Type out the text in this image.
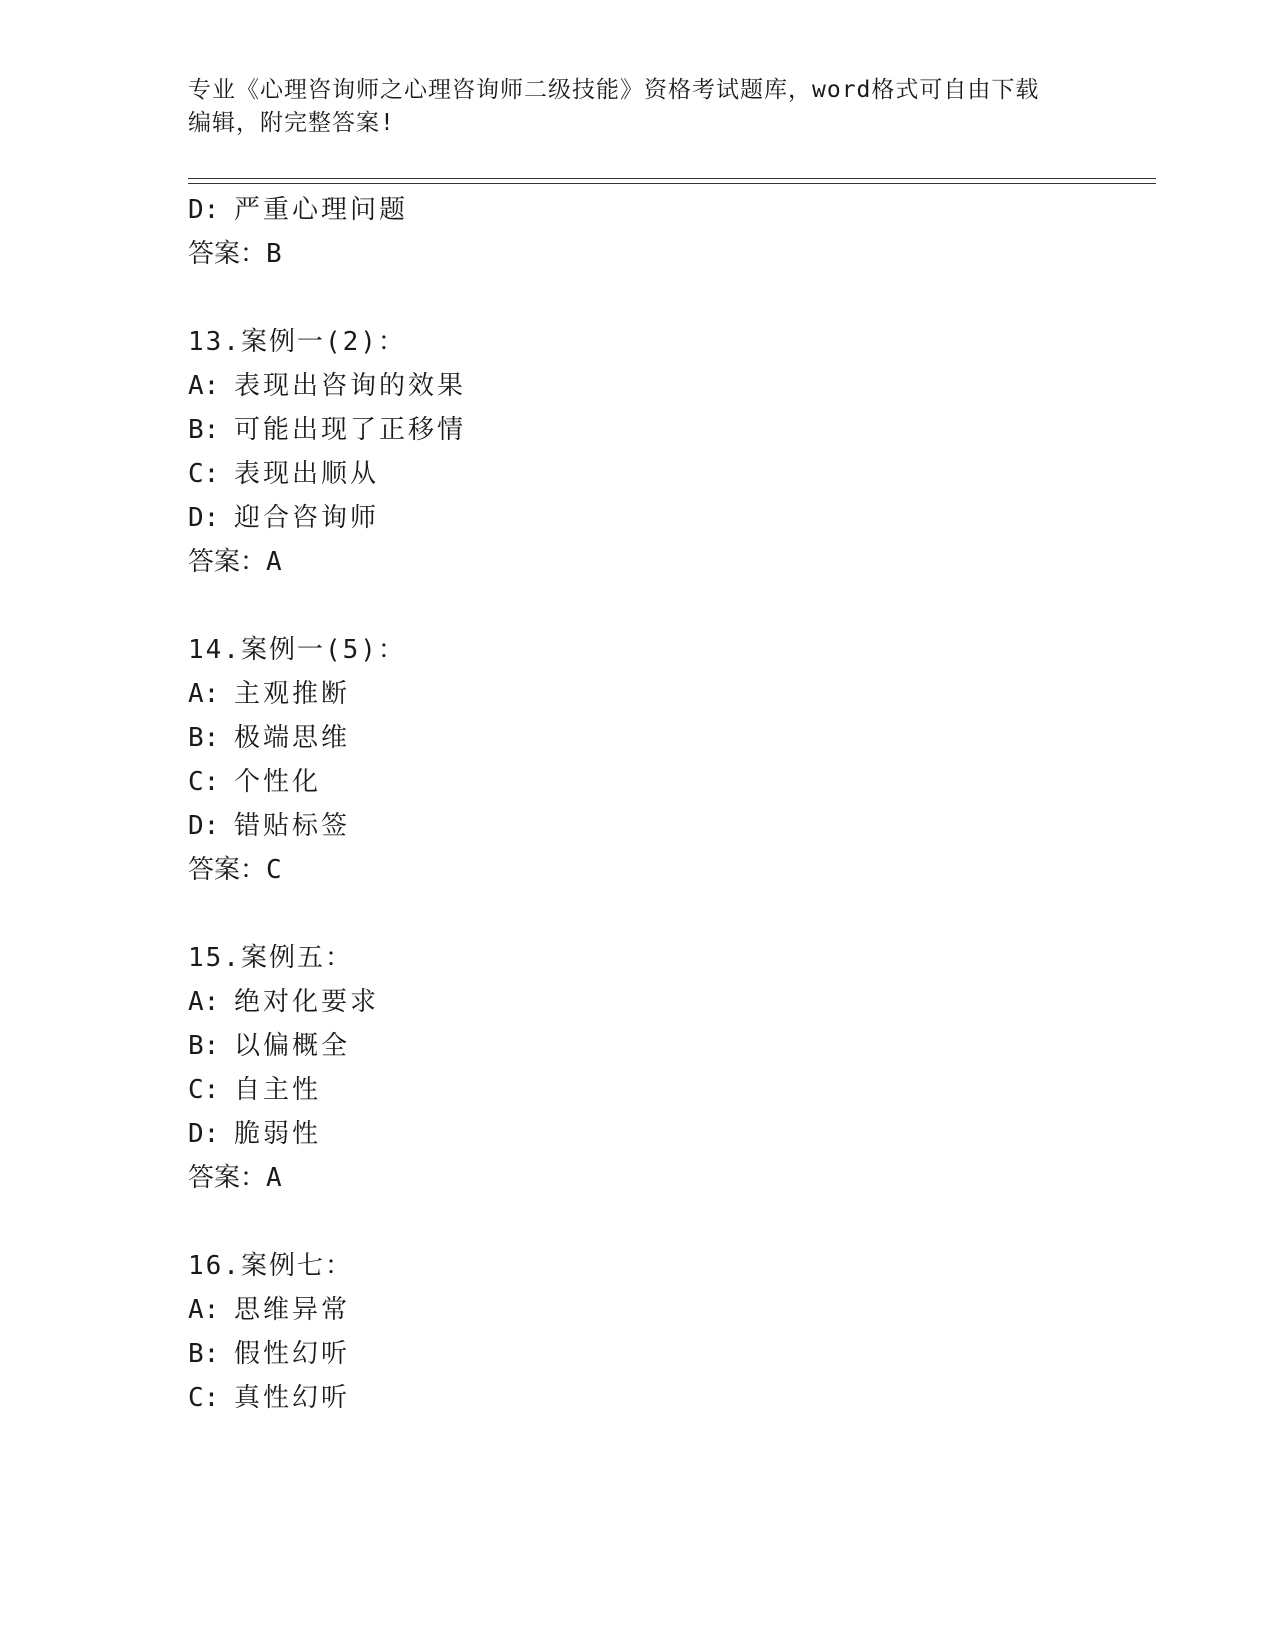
专业《心理咨询师之心理咨询师二级技能》资格考试题库，word格式可自由下载
编辑，附完整答案!
D: 严重心理问题
答案：B
13.案例一(2)：
A: 表现出咨询的效果
B: 可能出现了正移情
C: 表现出顺从
D: 迎合咨询师
答案：A
14.案例一(5)：
A: 主观推断
B: 极端思维
C: 个性化
D: 错贴标签
答案：C
15.案例五：
A: 绝对化要求
B: 以偏概全
C: 自主性
D: 脆弱性
答案：A
16.案例七：
A: 思维异常
B: 假性幻听
C: 真性幻听
